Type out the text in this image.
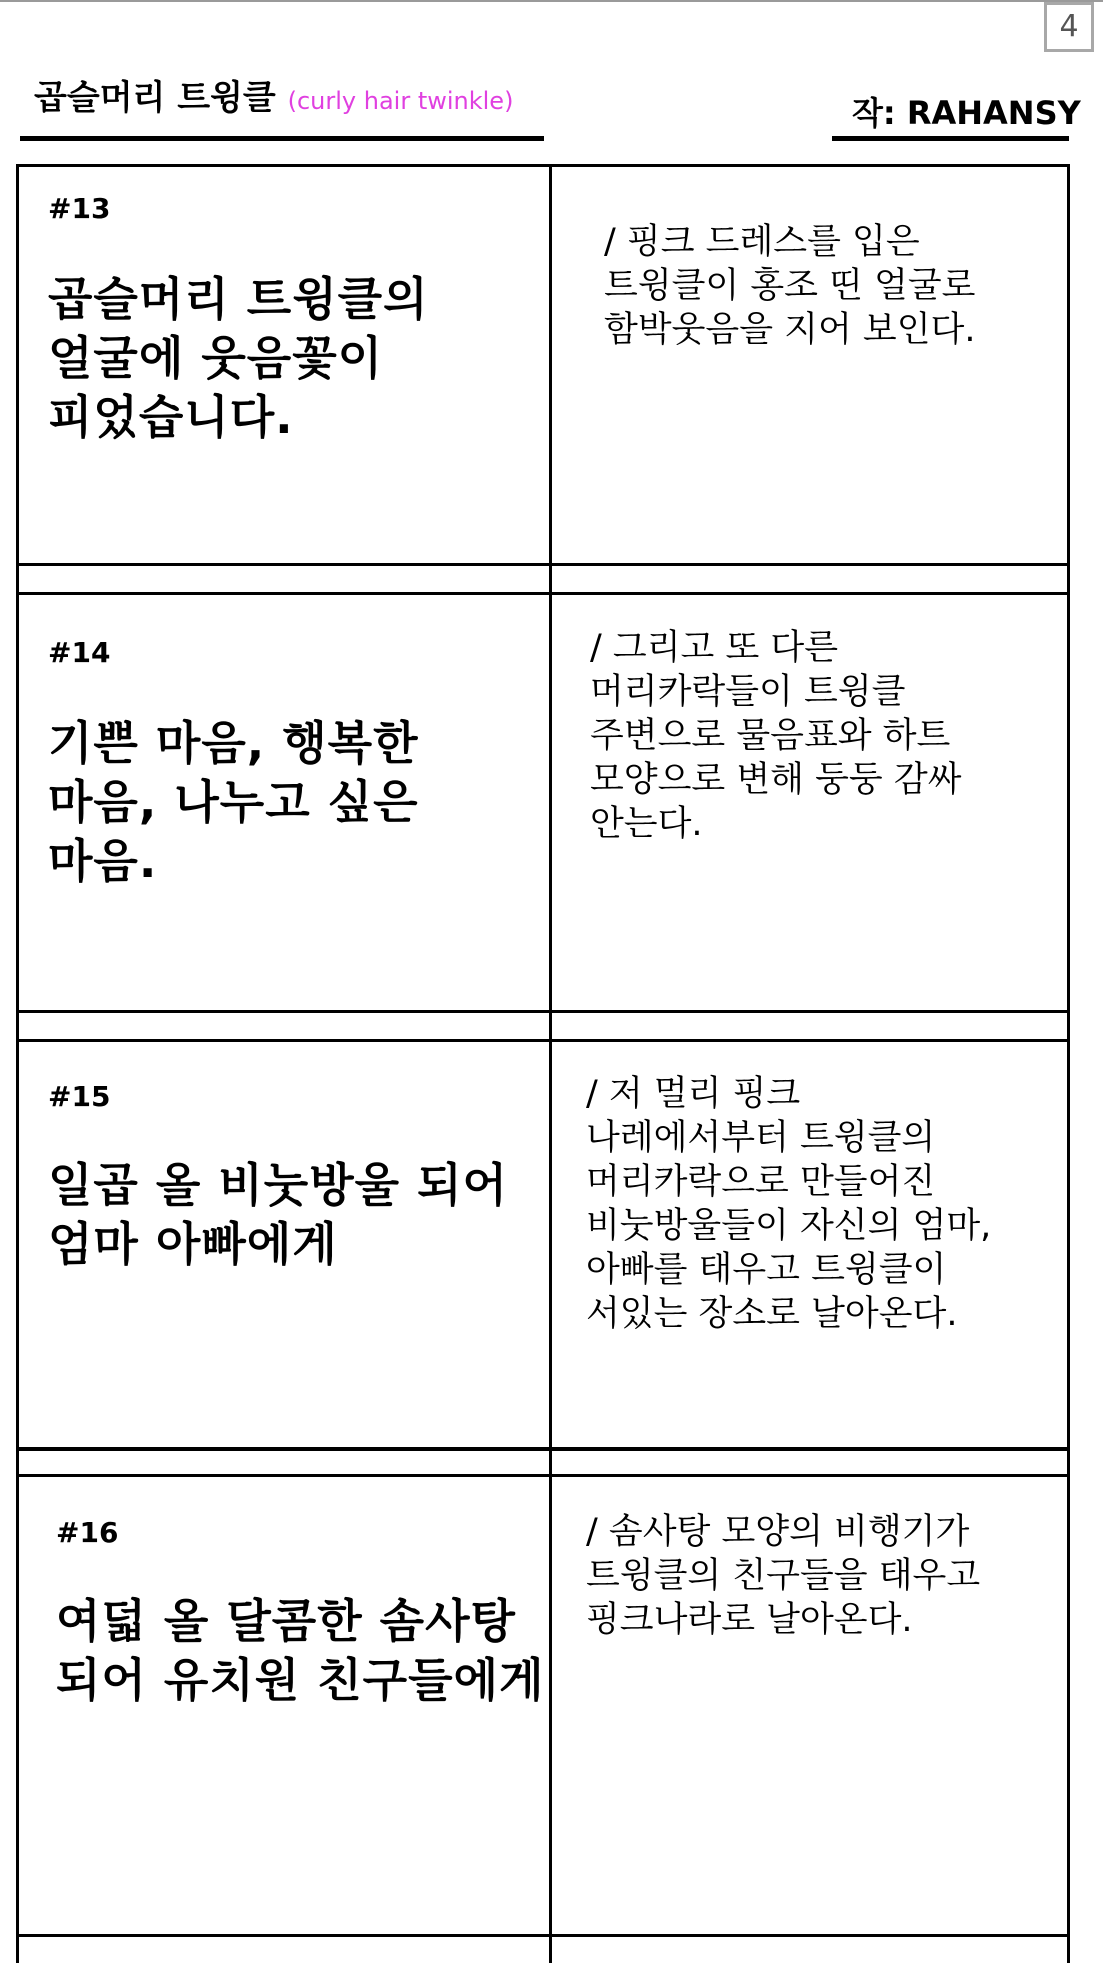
4
곱슬머리 트윙클 (curly hair twinkle)	작: RAHANSY
#13
곱슬머리 트윙클의
얼굴에 웃음꽃이
피었습니다.
/ 핑크 드레스를 입은
트윙클이 홍조 띤 얼굴로
함박웃음을 지어 보인다.
#14
기쁜 마음, 행복한
마음, 나누고 싶은
마음.
/ 그리고 또 다른
머리카락들이 트윙클
주변으로 물음표와 하트
모양으로 변해 둥둥 감싸
안는다.
#15
일곱 올 비눗방울 되어
엄마 아빠에게
/ 저 멀리 핑크
나레에서부터 트윙클의
머리카락으로 만들어진
비눗방울들이 자신의 엄마,
아빠를 태우고 트윙클이
서있는 장소로 날아온다.
#16
여덟 올 달콤한 솜사탕
되어 유치원 친구들에게
/ 솜사탕 모양의 비행기가
트윙클의 친구들을 태우고
핑크나라로 날아온다.
